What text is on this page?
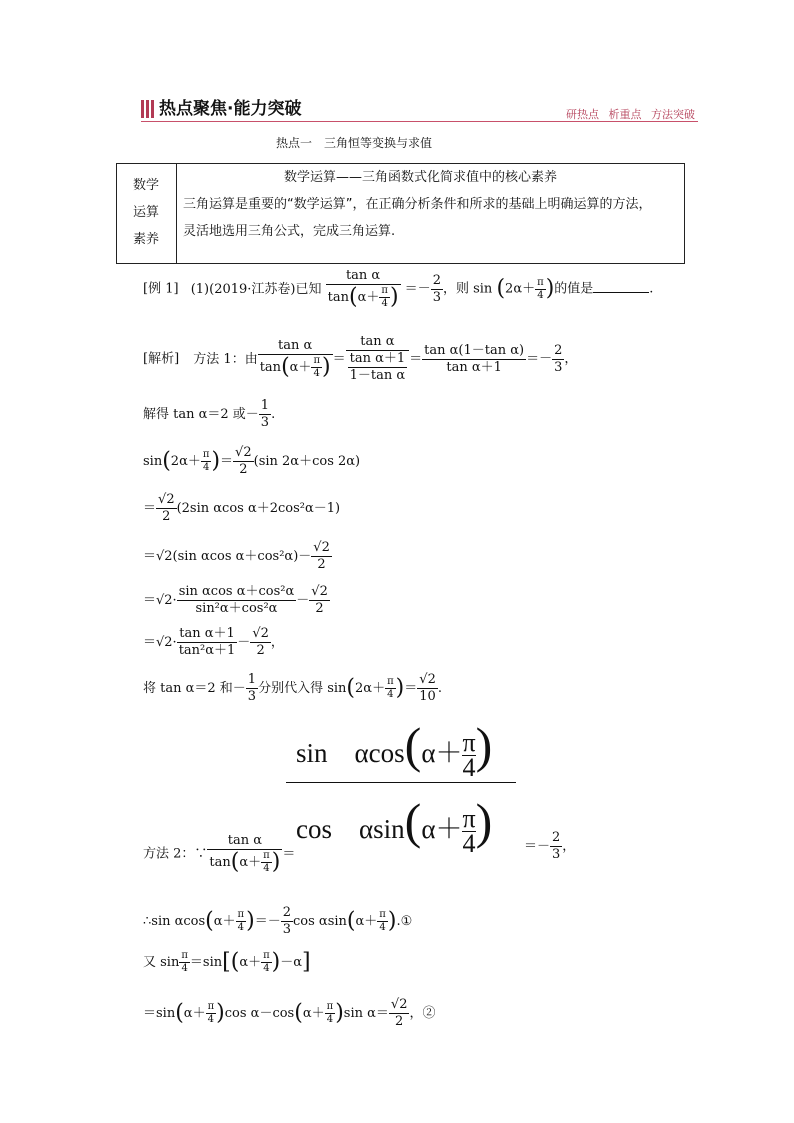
热点聚焦·能力突破	研热点 析重点 方法突破
热点一　三角恒等变换与求值
数学
运算
素养
数学运算——三角函数式化简求值中的核心素养
三角运算是重要的“数学运算”，在正确分析条件和所求的基础上明确运算的方法，
灵活地选用三角公式，完成三角运算.
[例 1] (1)(2019·江苏卷)已知 $\frac{\text{tan α}}{\tan(\alpha+ \frac{\pi}{4} )} =- \frac{2}{3}$ ，则 $\sin (2\alpha+ \frac{\pi}{4}$ )的值是	.
[解析] 方法 1：由 $\frac{\text{tan α}}{\tan(\alpha+ \frac{\pi}{4} )} = \frac{\text{tan α}}{\frac{\text{tan α＋1}}{\text{1－tan α}}} = \frac{\text{tan α(1－tan α)}}{\text{tan α＋1}} =- \frac{2}{3}$ ，
解得 tan α＝2 或－ $\frac{1}{3}$ .
$\sin(2\alpha+ \frac{\pi}{4}$ )＝ $\frac{√2}{2} (\sin$ 2α＋cos 2α)
＝ $\frac{√2}{2} (2\sin$ αcos α＋2cos²α－1)
＝√2(sin αcos $\alpha+\cos^2\alpha)- \frac{√2}{2}$
$=√2\cdot \frac{\text{sin αcos α＋cos²α}}{\text{sin²α＋cos²α}} - \frac{√2}{2}$
$=√2\cdot \frac{\text{tan α＋1}}{\text{tan²α＋1}} - \frac{√2}{2}$ ，
将 tan α＝2 和－ $\frac{1}{3}$ 分别代入得 $\sin(2\alpha+ \frac{\pi}{4}$ )＝ $\frac{√2}{10}$ .
sin　$\alpha\cos(\alpha+ \frac{\pi}{4})$
cos　$\alpha\sin(\alpha+ \frac{\pi}{4})$
方法 2：∵ $\frac{\text{tan α}}{\tan(\alpha+ \frac{\pi}{4} )}$ ＝	＝－ $\frac{2}{3}$ ，
∴sin $\alpha\cos(\alpha+ \frac{\pi}{4}$ )＝－ $\frac{2}{3}$ $\cos \alpha\sin(\alpha+ \frac{\pi}{4}$ ).①
又 $\sin \frac{\pi}{4} =\sin[(\alpha+ \frac{\pi}{4} )-\alpha]$
$=\sin(\alpha+ \frac{\pi}{4} )\cos$ $\alpha-\cos(\alpha+ \frac{\pi}{4} )\sin$ $\alpha= \frac{√2}{2}$ ，②
